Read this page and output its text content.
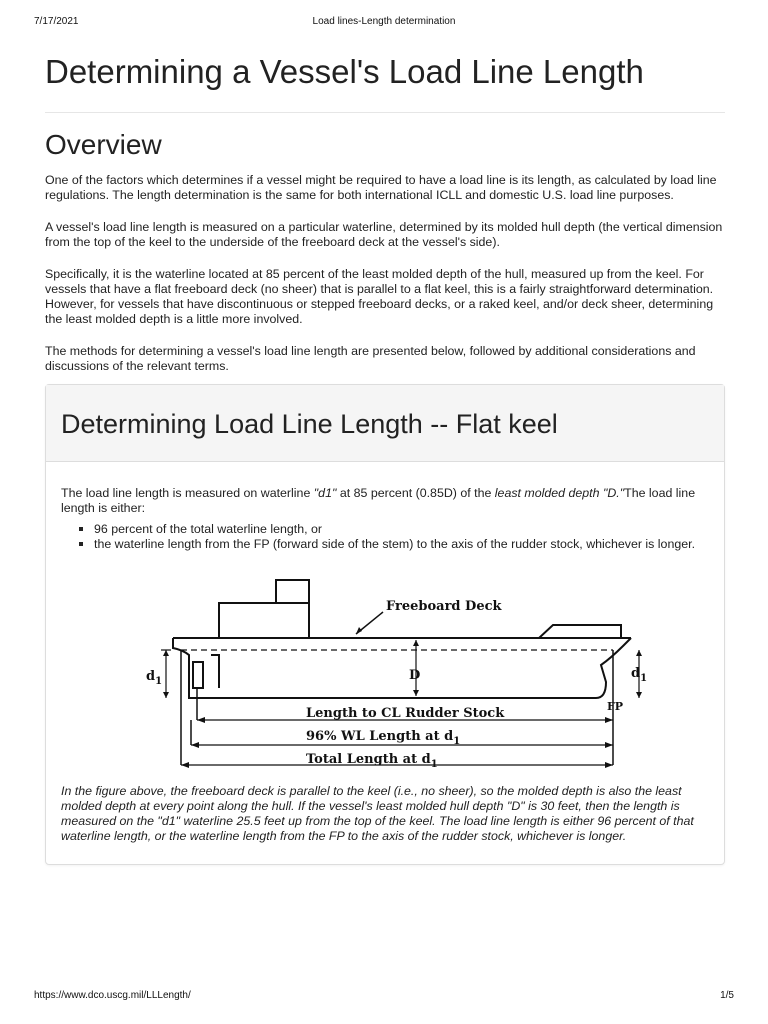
7/17/2021	Load lines-Length determination
Determining a Vessel's Load Line Length
Overview

One of the factors which determines if a vessel might be required to have a load line is its length, as calculated by load line regulations. The length determination is the same for both international ICLL and domestic U.S. load line purposes.

A vessel's load line length is measured on a particular waterline, determined by its molded hull depth (the vertical dimension from the top of the keel to the underside of the freeboard deck at the vessel's side).

Specifically, it is the waterline located at 85 percent of the least molded depth of the hull, measured up from the keel. For vessels that have a flat freeboard deck (no sheer) that is parallel to a flat keel, this is a fairly straightforward determination. However, for vessels that have discontinuous or stepped freeboard decks, or a raked keel, and/or deck sheer, determining the least molded depth is a little more involved.

The methods for determining a vessel's load line length are presented below, followed by additional considerations and discussions of the relevant terms.

Determining Load Line Length -- Flat keel

The load line length is measured on waterline "d1" at 85 percent (0.85D) of the least molded depth "D."The load line length is either:

96 percent of the total waterline length, or
the waterline length from the FP (forward side of the stem) to the axis of the rudder stock, whichever is longer.
Freeboard Deck
D
$d_1$
$d_1$
FP
Length to CL Rudder Stock
96% WL Length at $d_1$
Total Length at $d_1$

In the figure above, the freeboard deck is parallel to the keel (i.e., no sheer), so the molded depth is also the least molded depth at every point along the hull. If the vessel's least molded hull depth "D" is 30 feet, then the length is measured on the "d1" waterline 25.5 feet up from the top of the keel. The load line length is either 96 percent of that waterline length, or the waterline length from the FP to the axis of the rudder stock, whichever is longer.

https://www.dco.uscg.mil/LLLength/	1/5
